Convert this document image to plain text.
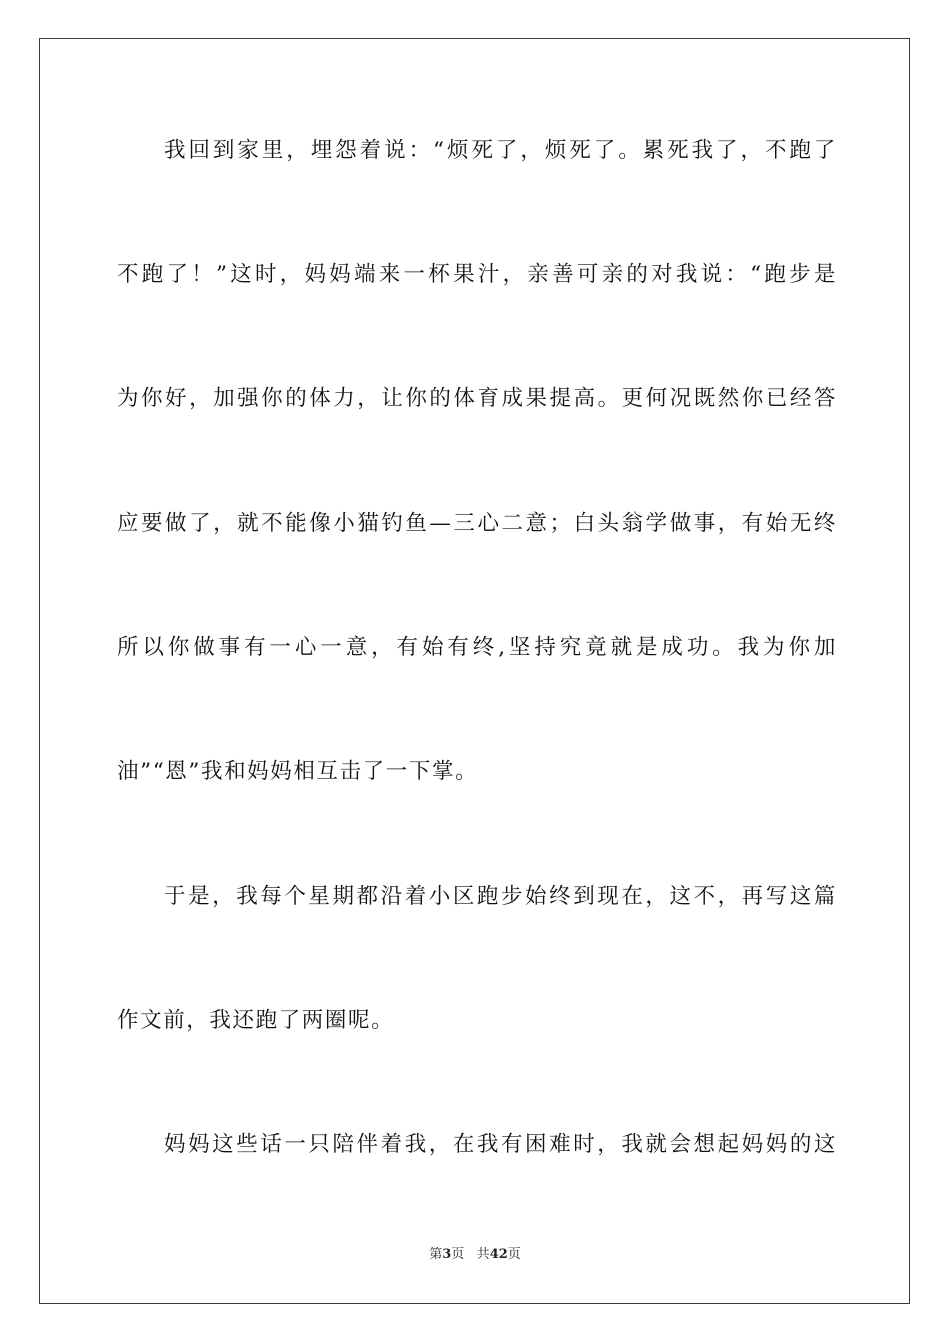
我回到家里，埋怨着说：“烦死了，烦死了。累死我了，不跑了
不跑了！”这时，妈妈端来一杯果汁，亲善可亲的对我说：“跑步是
为你好，加强你的体力，让你的体育成果提高。更何况既然你已经答
应要做了，就不能像小猫钓鱼—三心二意；白头翁学做事，有始无终
所以你做事有一心一意，有始有终,坚持究竟就是成功。我为你加
油”“恩”我和妈妈相互击了一下掌。
于是，我每个星期都沿着小区跑步始终到现在，这不，再写这篇
作文前，我还跑了两圈呢。
妈妈这些话一只陪伴着我，在我有困难时，我就会想起妈妈的这
第3页 共42页
